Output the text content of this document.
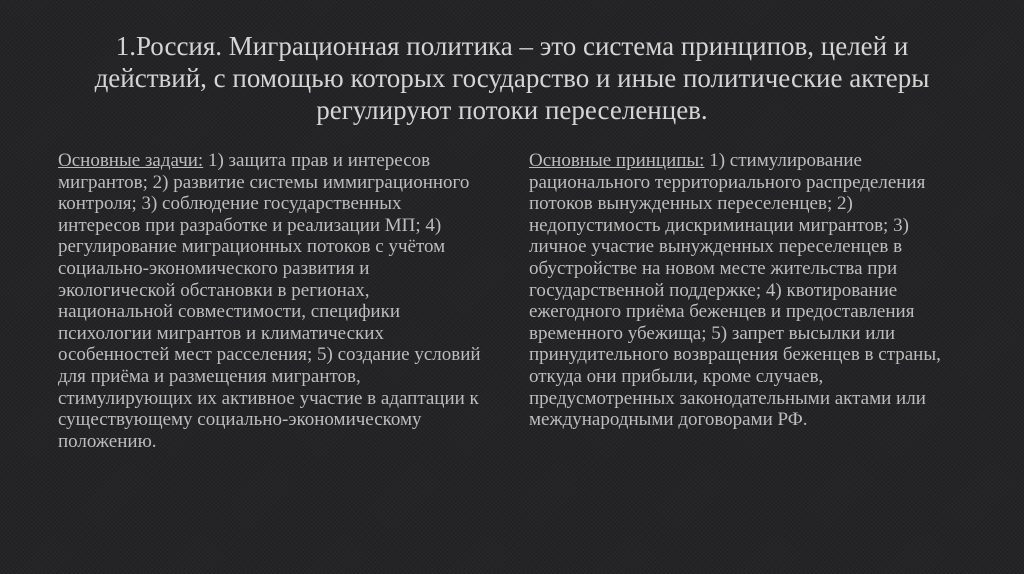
1.Россия. Миграционная политика – это система принципов, целей и действий, с помощью которых государство и иные политические актеры регулируют потоки переселенцев.
Основные задачи: 1) защита прав и интересов мигрантов; 2) развитие системы иммиграционного контроля; 3) соблюдение государственных интересов при разработке и реализации МП; 4) регулирование миграционных потоков с учётом социально-экономического развития и экологической обстановки в регионах, национальной совместимости, специфики психологии мигрантов и климатических особенностей мест расселения; 5) создание условий для приёма и размещения мигрантов, стимулирующих их активное участие в адаптации к существующему социально-экономическому положению.
Основные принципы: 1) стимулирование рационального территориального распределения потоков вынужденных переселенцев; 2) недопустимость дискриминации мигрантов; 3) личное участие вынужденных переселенцев в обустройстве на новом месте жительства при государственной поддержке; 4) квотирование ежегодного приёма беженцев и предоставления временного убежища; 5) запрет высылки или принудительного возвращения беженцев в страны, откуда они прибыли, кроме случаев, предусмотренных законодательными актами или международными договорами РФ.
